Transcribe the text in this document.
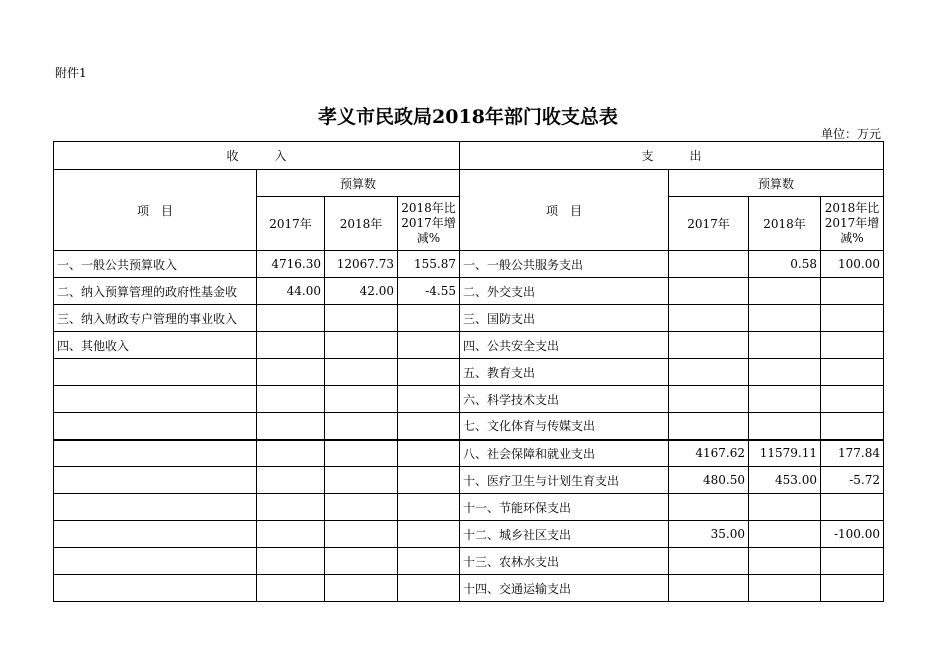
附件1
孝义市民政局2018年部门收支总表
单位：万元
收　　　入				支　　　出			
项　目	预算数			项　目	预算数		
	2017年	2018年	2018年比2017年增减%		2017年	2018年	2018年比2017年增减%
一、一般公共预算收入	4716.30	12067.73	155.87	一、一般公共服务支出		0.58	100.00
二、纳入预算管理的政府性基金收	44.00	42.00	-4.55	二、外交支出			
三、纳入财政专户管理的事业收入				三、国防支出			
四、其他收入				四、公共安全支出			
				五、教育支出			
				六、科学技术支出			
				七、文化体育与传媒支出			
				八、社会保障和就业支出	4167.62	11579.11	177.84
				十、医疗卫生与计划生育支出	480.50	453.00	-5.72
				十一、节能环保支出			
				十二、城乡社区支出	35.00		-100.00
				十三、农林水支出			
				十四、交通运输支出			
